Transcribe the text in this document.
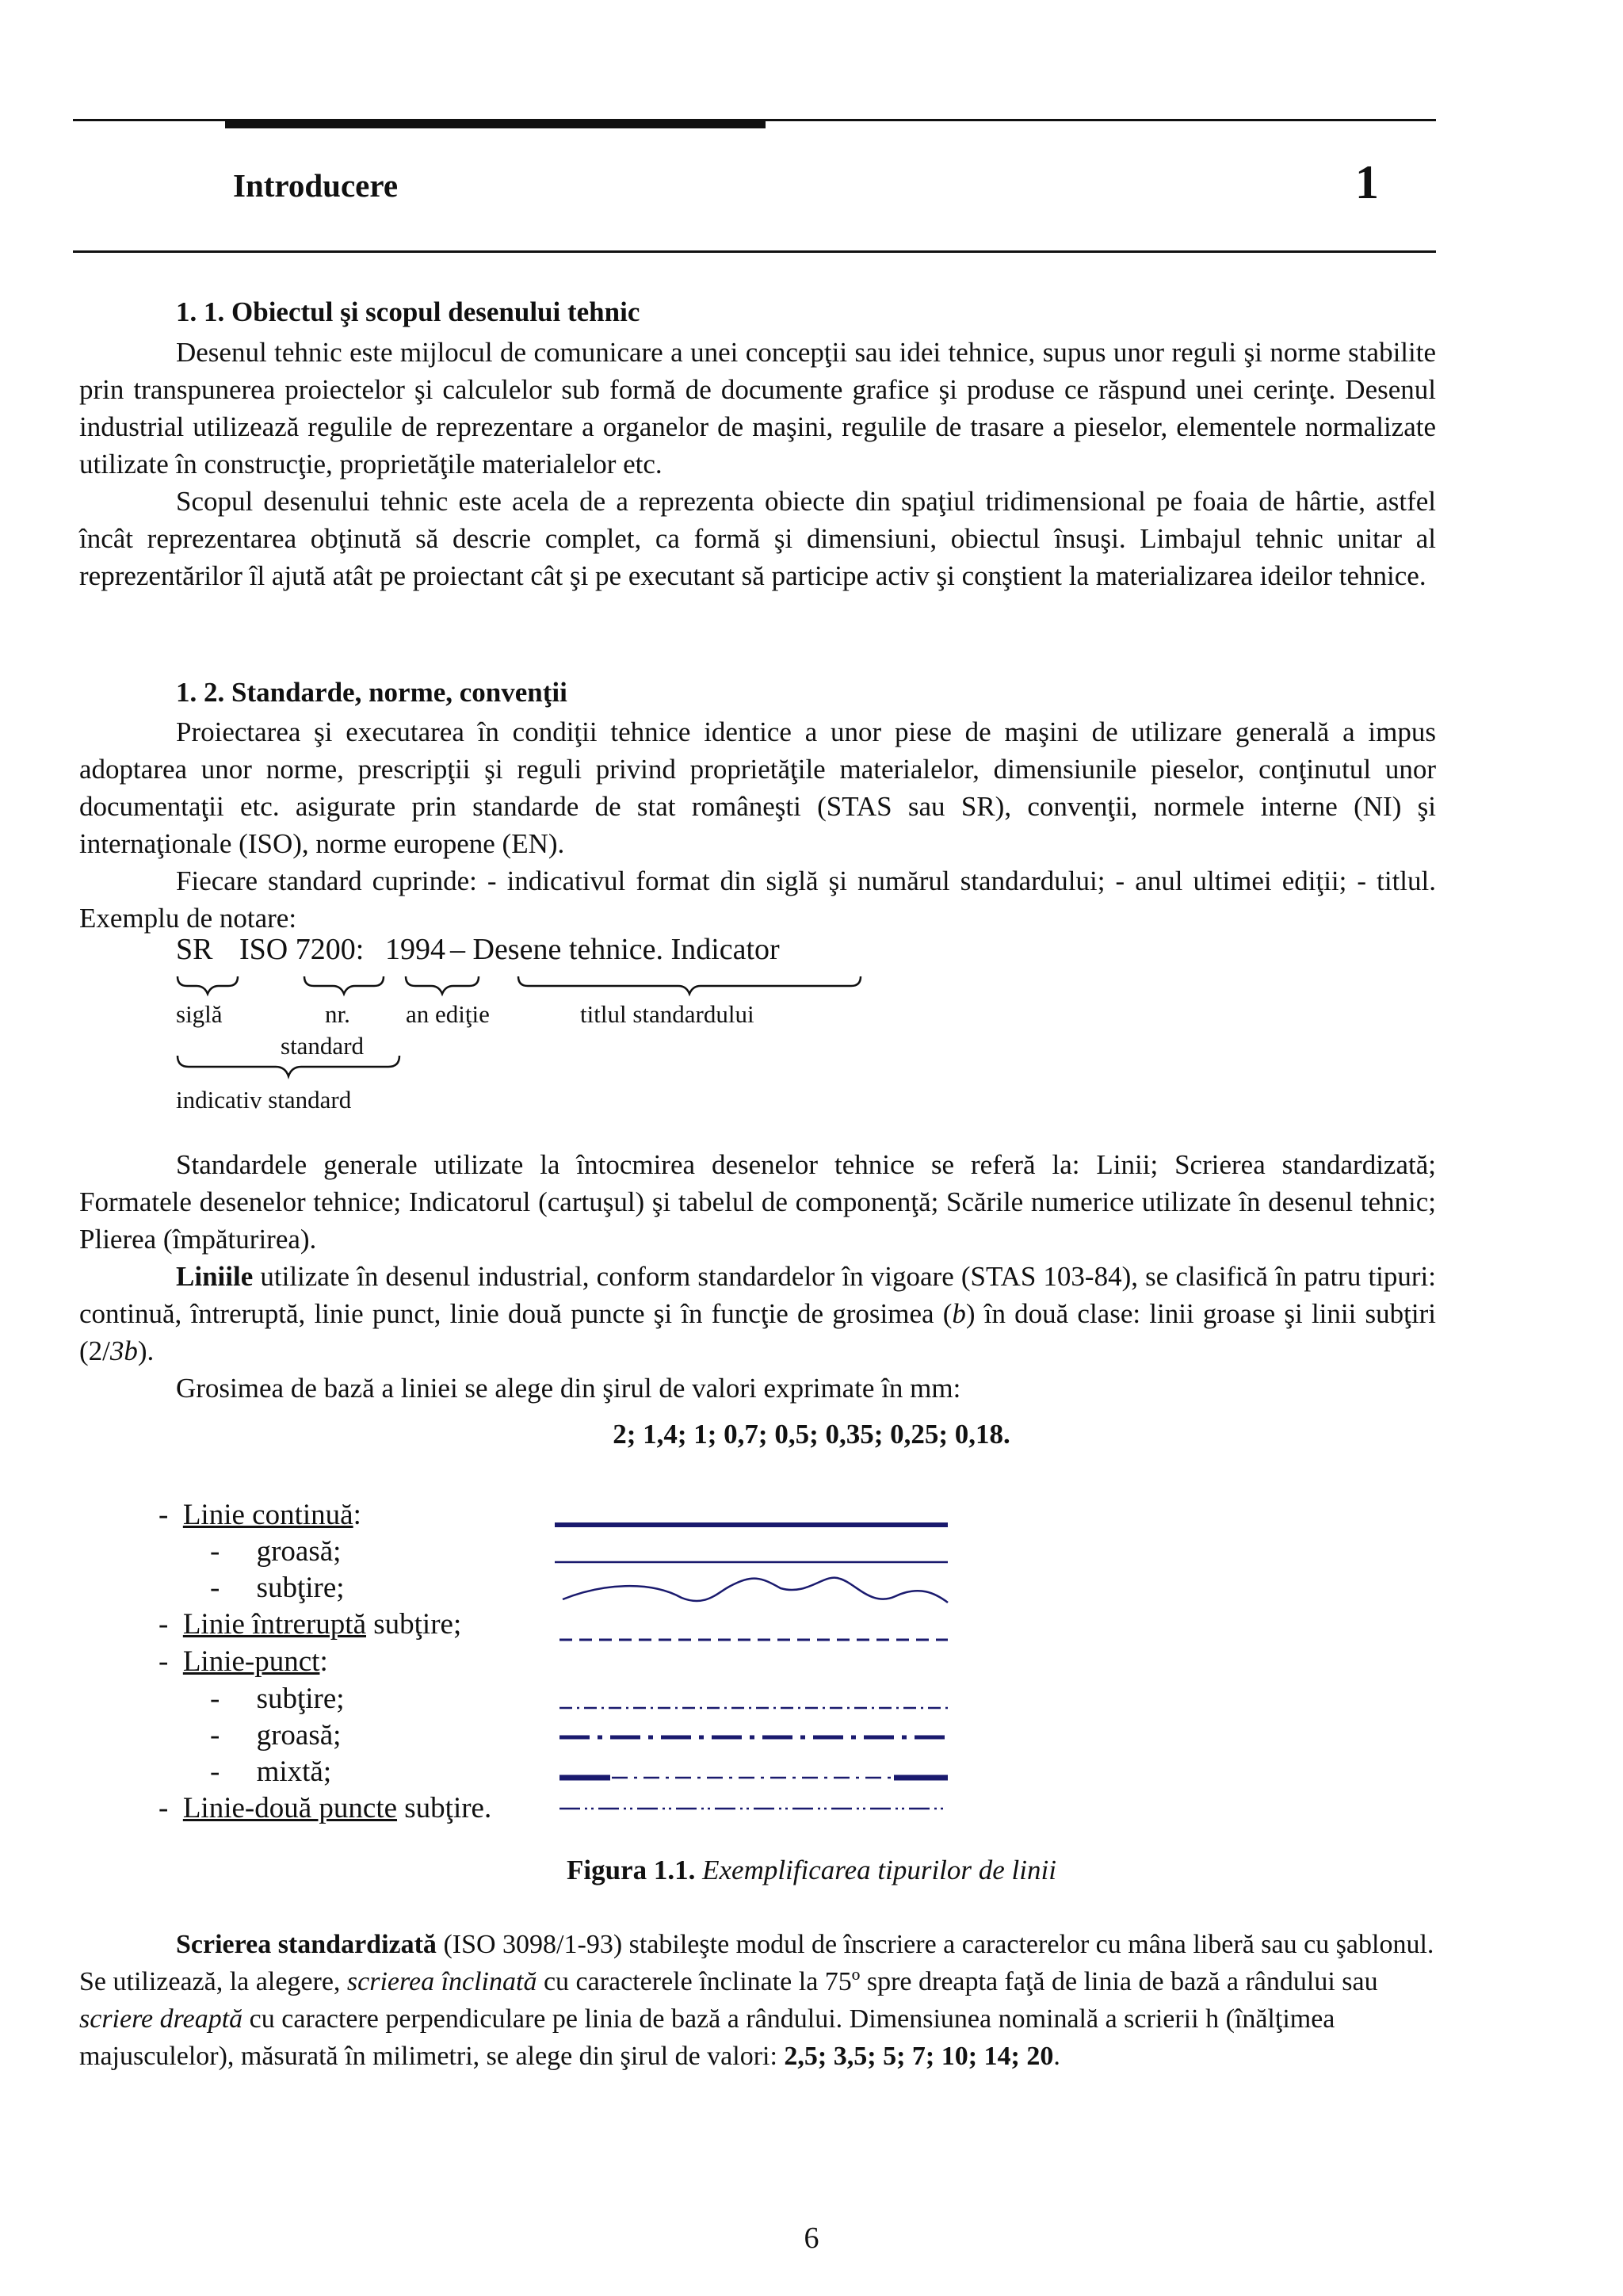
Introducere	1
1. 1. Obiectul şi scopul desenului tehnic

Desenul tehnic este mijlocul de comunicare a unei concepţii sau idei tehnice, supus unor reguli şi norme stabilite prin transpunerea proiectelor şi calculelor sub formă de documente grafice şi produse ce răspund unei cerinţe. Desenul industrial utilizează regulile de reprezentare a organelor de maşini, regulile de trasare a pieselor, elementele normalizate utilizate în construcţie, proprietăţile materialelor etc.

Scopul desenului tehnic este acela de a reprezenta obiecte din spaţiul tridimensional pe foaia de hârtie, astfel încât reprezentarea obţinută să descrie complet, ca formă şi dimensiuni, obiectul însuşi. Limbajul tehnic unitar al reprezentărilor îl ajută atât pe proiectant cât şi pe executant să participe activ şi conştient la materializarea ideilor tehnice.

1. 2. Standarde, norme, convenţii

Proiectarea şi executarea în condiţii tehnice identice a unor piese de maşini de utilizare generală a impus adoptarea unor norme, prescripţii şi reguli privind proprietăţile materialelor, dimensiunile pieselor, conţinutul unor documentaţii etc. asigurate prin standarde de stat româneşti (STAS sau SR), convenţii, normele interne (NI) şi internaţionale (ISO), norme europene (EN).

Fiecare standard cuprinde: - indicativul format din siglă şi numărul standardului; - anul ultimei ediţii; - titlul. Exemplu de notare:

SR ISO 7200: 1994 – Desene tehnice. Indicator
siglă	nr.
standard
an ediţie	titlul standardului
indicativ standard

Standardele generale utilizate la întocmirea desenelor tehnice se referă la: Linii; Scrierea standardizată; Formatele desenelor tehnice; Indicatorul (cartuşul) şi tabelul de componenţă; Scările numerice utilizate în desenul tehnic; Plierea (împăturirea).

Liniile utilizate în desenul industrial, conform standardelor în vigoare (STAS 103-84), se clasifică în patru tipuri: continuă, întreruptă, linie punct, linie două puncte şi în funcţie de grosimea (b) în două clase: linii groase şi linii subţiri (2/3b).

Grosimea de bază a liniei se alege din şirul de valori exprimate în mm:

2; 1,4; 1; 0,7; 0,5; 0,35; 0,25; 0,18.
- Linie continuă:
- groasă;
- subţire;
- Linie întreruptă subţire;
- Linie-punct:
- subţire;
- groasă;
- mixtă;
- Linie-două puncte subţire.
Figura 1.1. Exemplificarea tipurilor de linii

Scrierea standardizată (ISO 3098/1-93) stabileşte modul de înscriere a caracterelor cu mâna liberă sau cu şablonul. Se utilizează, la alegere, scrierea înclinată cu caracterele înclinate la 75º spre dreapta faţă de linia de bază a rândului sau scriere dreaptă cu caractere perpendiculare pe linia de bază a rândului. Dimensiunea nominală a scrierii h (înălţimea majusculelor), măsurată în milimetri, se alege din şirul de valori: 2,5; 3,5; 5; 7; 10; 14; 20.

6
